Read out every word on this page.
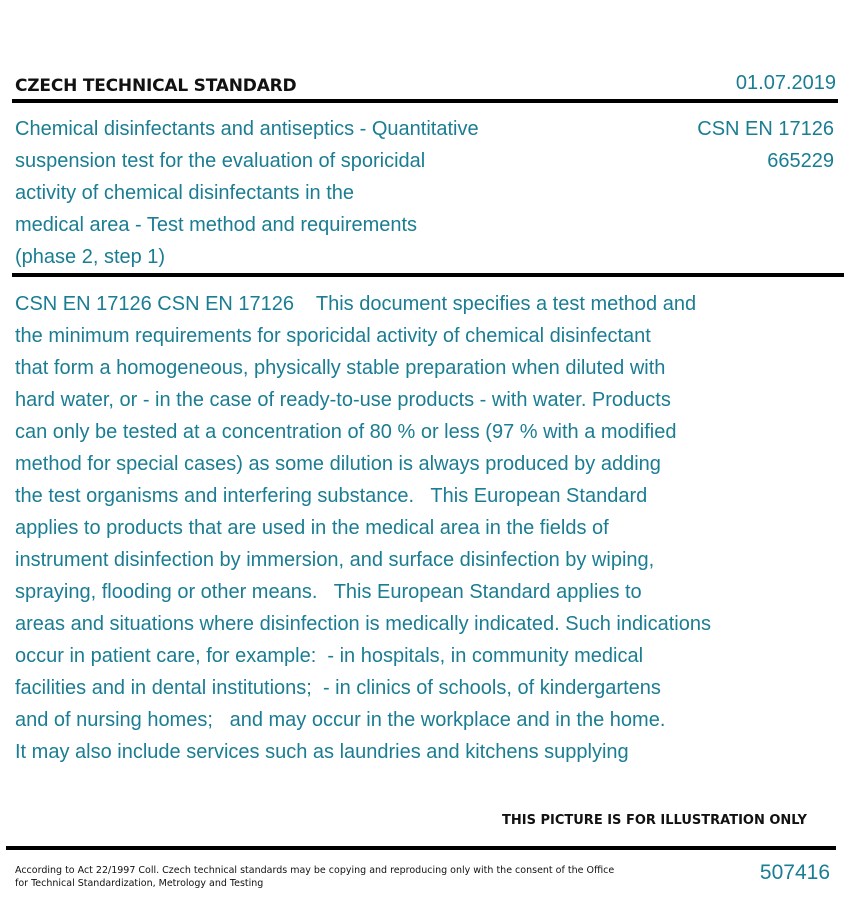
CZECH TECHNICAL STANDARD	01.07.2019
Chemical disinfectants and antiseptics - Quantitative
suspension test for the evaluation of sporicidal
activity of chemical disinfectants in the
medical area - Test method and requirements
(phase 2, step 1)
CSN EN 17126
665229
CSN EN 17126 CSN EN 17126    This document specifies a test method and
the minimum requirements for sporicidal activity of chemical disinfectant
that form a homogeneous, physically stable preparation when diluted with
hard water, or - in the case of ready-to-use products - with water. Products
can only be tested at a concentration of 80 % or less (97 % with a modified
method for special cases) as some dilution is always produced by adding
the test organisms and interfering substance.   This European Standard
applies to products that are used in the medical area in the fields of
instrument disinfection by immersion, and surface disinfection by wiping,
spraying, flooding or other means.   This European Standard applies to
areas and situations where disinfection is medically indicated. Such indications
occur in patient care, for example:  - in hospitals, in community medical
facilities and in dental institutions;  - in clinics of schools, of kindergartens
and of nursing homes;   and may occur in the workplace and in the home.
It may also include services such as laundries and kitchens supplying
THIS PICTURE IS FOR ILLUSTRATION ONLY
According to Act 22/1997 Coll. Czech technical standards may be copying and reproducing only with the consent of the Office
for Technical Standardization, Metrology and Testing	507416
